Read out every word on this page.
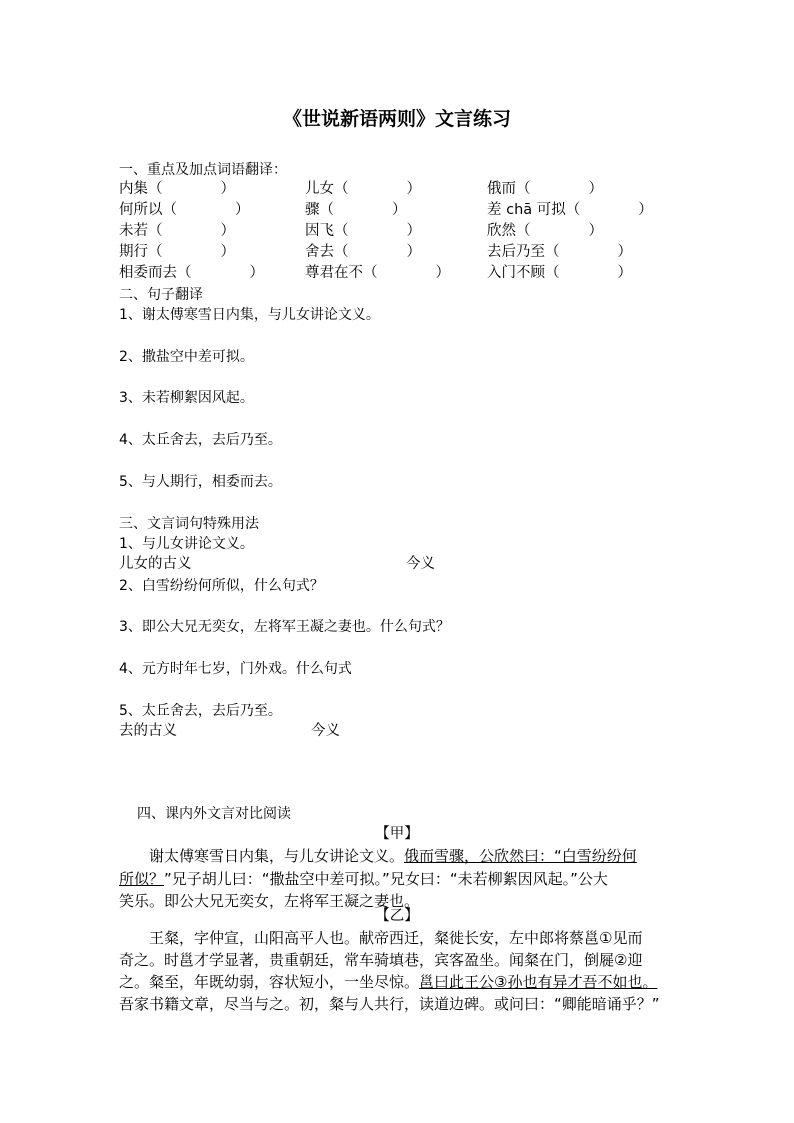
《世说新语两则》文言练习
一、重点及加点词语翻译：
内集（　　　　）	儿女（　　　　）	俄而（　　　　）
何所以（　　　　）	骤（　　　　）	差 chā 可拟（　　　　）
未若（　　　　）	因飞（　　　　）	欣然（　　　　）
期行（　　　　）	舍去（　　　　）	去后乃至（　　　　）
相委而去（　　　　）	尊君在不（　　　　）	入门不顾（　　　　）
二、句子翻译
1、谢太傅寒雪日内集，与儿女讲论文义。
2、撒盐空中差可拟。
3、未若柳絮因风起。
4、太丘舍去，去后乃至。
5、与人期行，相委而去。
三、文言词句特殊用法
1、与儿女讲论文义。
儿女的古义	今义
2、白雪纷纷何所似，什么句式？
3、即公大兄无奕女，左将军王凝之妻也。什么句式？
4、元方时年七岁，门外戏。什么句式
5、太丘舍去，去后乃至。
去的古义	今义
四、课内外文言对比阅读
【甲】
谢太傅寒雪日内集，与儿女讲论文义。俄而雪骤，公欣然曰：“白雪纷纷何
所似？”兄子胡儿曰：“撒盐空中差可拟。”兄女曰：“未若柳絮因风起。”公大
笑乐。即公大兄无奕女，左将军王凝之妻也。
【乙】
王粲，字仲宣，山阳高平人也。献帝西迁，粲徙长安，左中郎将蔡邕①见而
奇之。时邕才学显著，贵重朝廷，常车骑填巷，宾客盈坐。闻粲在门，倒屣②迎
之。粲至，年既幼弱，容状短小，一坐尽惊。邕曰此王公③孙也有异才吾不如也。
吾家书籍文章，尽当与之。初，粲与人共行，读道边碑。或问曰：“卿能暗诵乎？”
